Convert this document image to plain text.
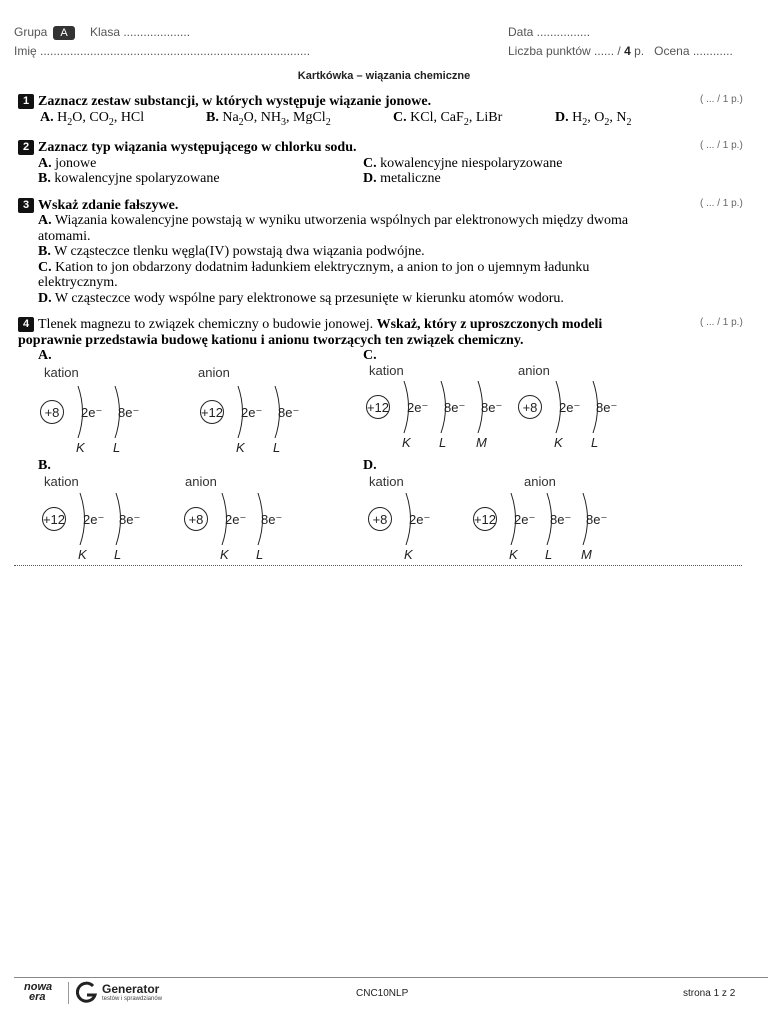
Grupa A	Klasa ....................
Imię .................................................................................
Data ................
Liczba punktów ...... / 4 p. Ocena ............
Kartkówka – wiązania chemiczne
1 Zaznacz zestaw substancji, w których występuje wiązanie jonowe.	( ... / 1 p.)
A. $H_2O$, $CO_2$, HCl	B. $Na_2O$, $NH_3$, MgCl$_2$	C. KCl, CaF$_2$, LiBr	D. $H_2$, $O_2$, $N_2$
2 Zaznacz typ wiązania występującego w chlorku sodu.	( ... / 1 p.)
A. jonowe
B. kowalencyjne spolaryzowane
C. kowalencyjne niespolaryzowane
D. metaliczne
3 Wskaż zdanie fałszywe.	( ... / 1 p.)
A. Wiązania kowalencyjne powstają w wyniku utworzenia wspólnych par elektronowych między dwoma atomami.
B. W cząsteczce tlenku węgla(IV) powstają dwa wiązania podwójne.
C. Kation to jon obdarzony dodatnim ładunkiem elektrycznym, a anion to jon o ujemnym ładunku elektrycznym.
D. W cząsteczce wody wspólne pary elektronowe są przesunięte w kierunku atomów wodoru.
4 Tlenek magnezu to związek chemiczny o budowie jonowej. Wskaż, który z uproszczonych modeli poprawnie przedstawia budowę kationu i anionu tworzących ten związek chemiczny.
( ... / 1 p.)
A.	C.
B.	D.
kation	anion
+8 2e⁻
K
8e⁻
L
+12 2e⁻
K
8e⁻
L
kation	anion
+12 2e⁻
K
8e⁻
L
8e⁻
M
+8 2e⁻
K
8e⁻
L
kation	anion
+12 2e⁻
K
8e⁻
L
+8 2e⁻
K
8e⁻
L
kation	anion
+8 2e⁻
K
+12 2e⁻
K
8e⁻
L
8e⁻
M
nowa
era
Generator
testów i sprawdzianów	CNC10NLP	strona 1 z 2
